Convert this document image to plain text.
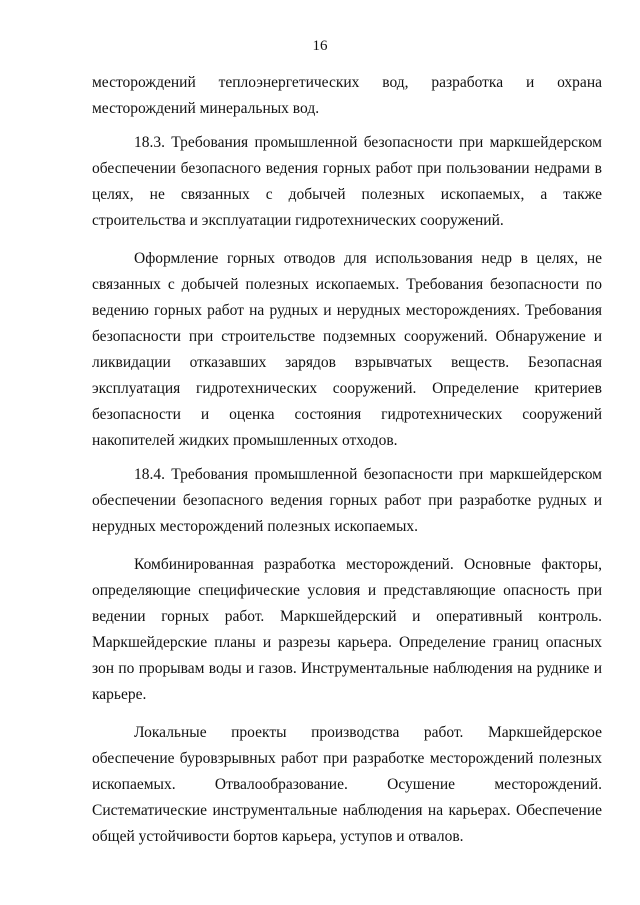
16

месторождений теплоэнергетических вод, разработка и охрана месторождений минеральных вод.

18.3. Требования промышленной безопасности при маркшейдерском обеспечении безопасного ведения горных работ при пользовании недрами в целях, не связанных с добычей полезных ископаемых, а также строительства и эксплуатации гидротехнических сооружений.

Оформление горных отводов для использования недр в целях, не связанных с добычей полезных ископаемых. Требования безопасности по ведению горных работ на рудных и нерудных месторождениях. Требования безопасности при строительстве подземных сооружений. Обнаружение и ликвидации отказавших зарядов взрывчатых веществ. Безопасная эксплуатация гидротехнических сооружений. Определение критериев безопасности и оценка состояния гидротехнических сооружений накопителей жидких промышленных отходов.

18.4. Требования промышленной безопасности при маркшейдерском обеспечении безопасного ведения горных работ при разработке рудных и нерудных месторождений полезных ископаемых.

Комбинированная разработка месторождений. Основные факторы, определяющие специфические условия и представляющие опасность при ведении горных работ. Маркшейдерский и оперативный контроль. Маркшейдерские планы и разрезы карьера. Определение границ опасных зон по прорывам воды и газов. Инструментальные наблюдения на руднике и карьере.

Локальные проекты производства работ. Маркшейдерское обеспечение буровзрывных работ при разработке месторождений полезных ископаемых. Отвалообразование. Осушение месторождений. Систематические инструментальные наблюдения на карьерах. Обеспечение общей устойчивости бортов карьера, уступов и отвалов.
